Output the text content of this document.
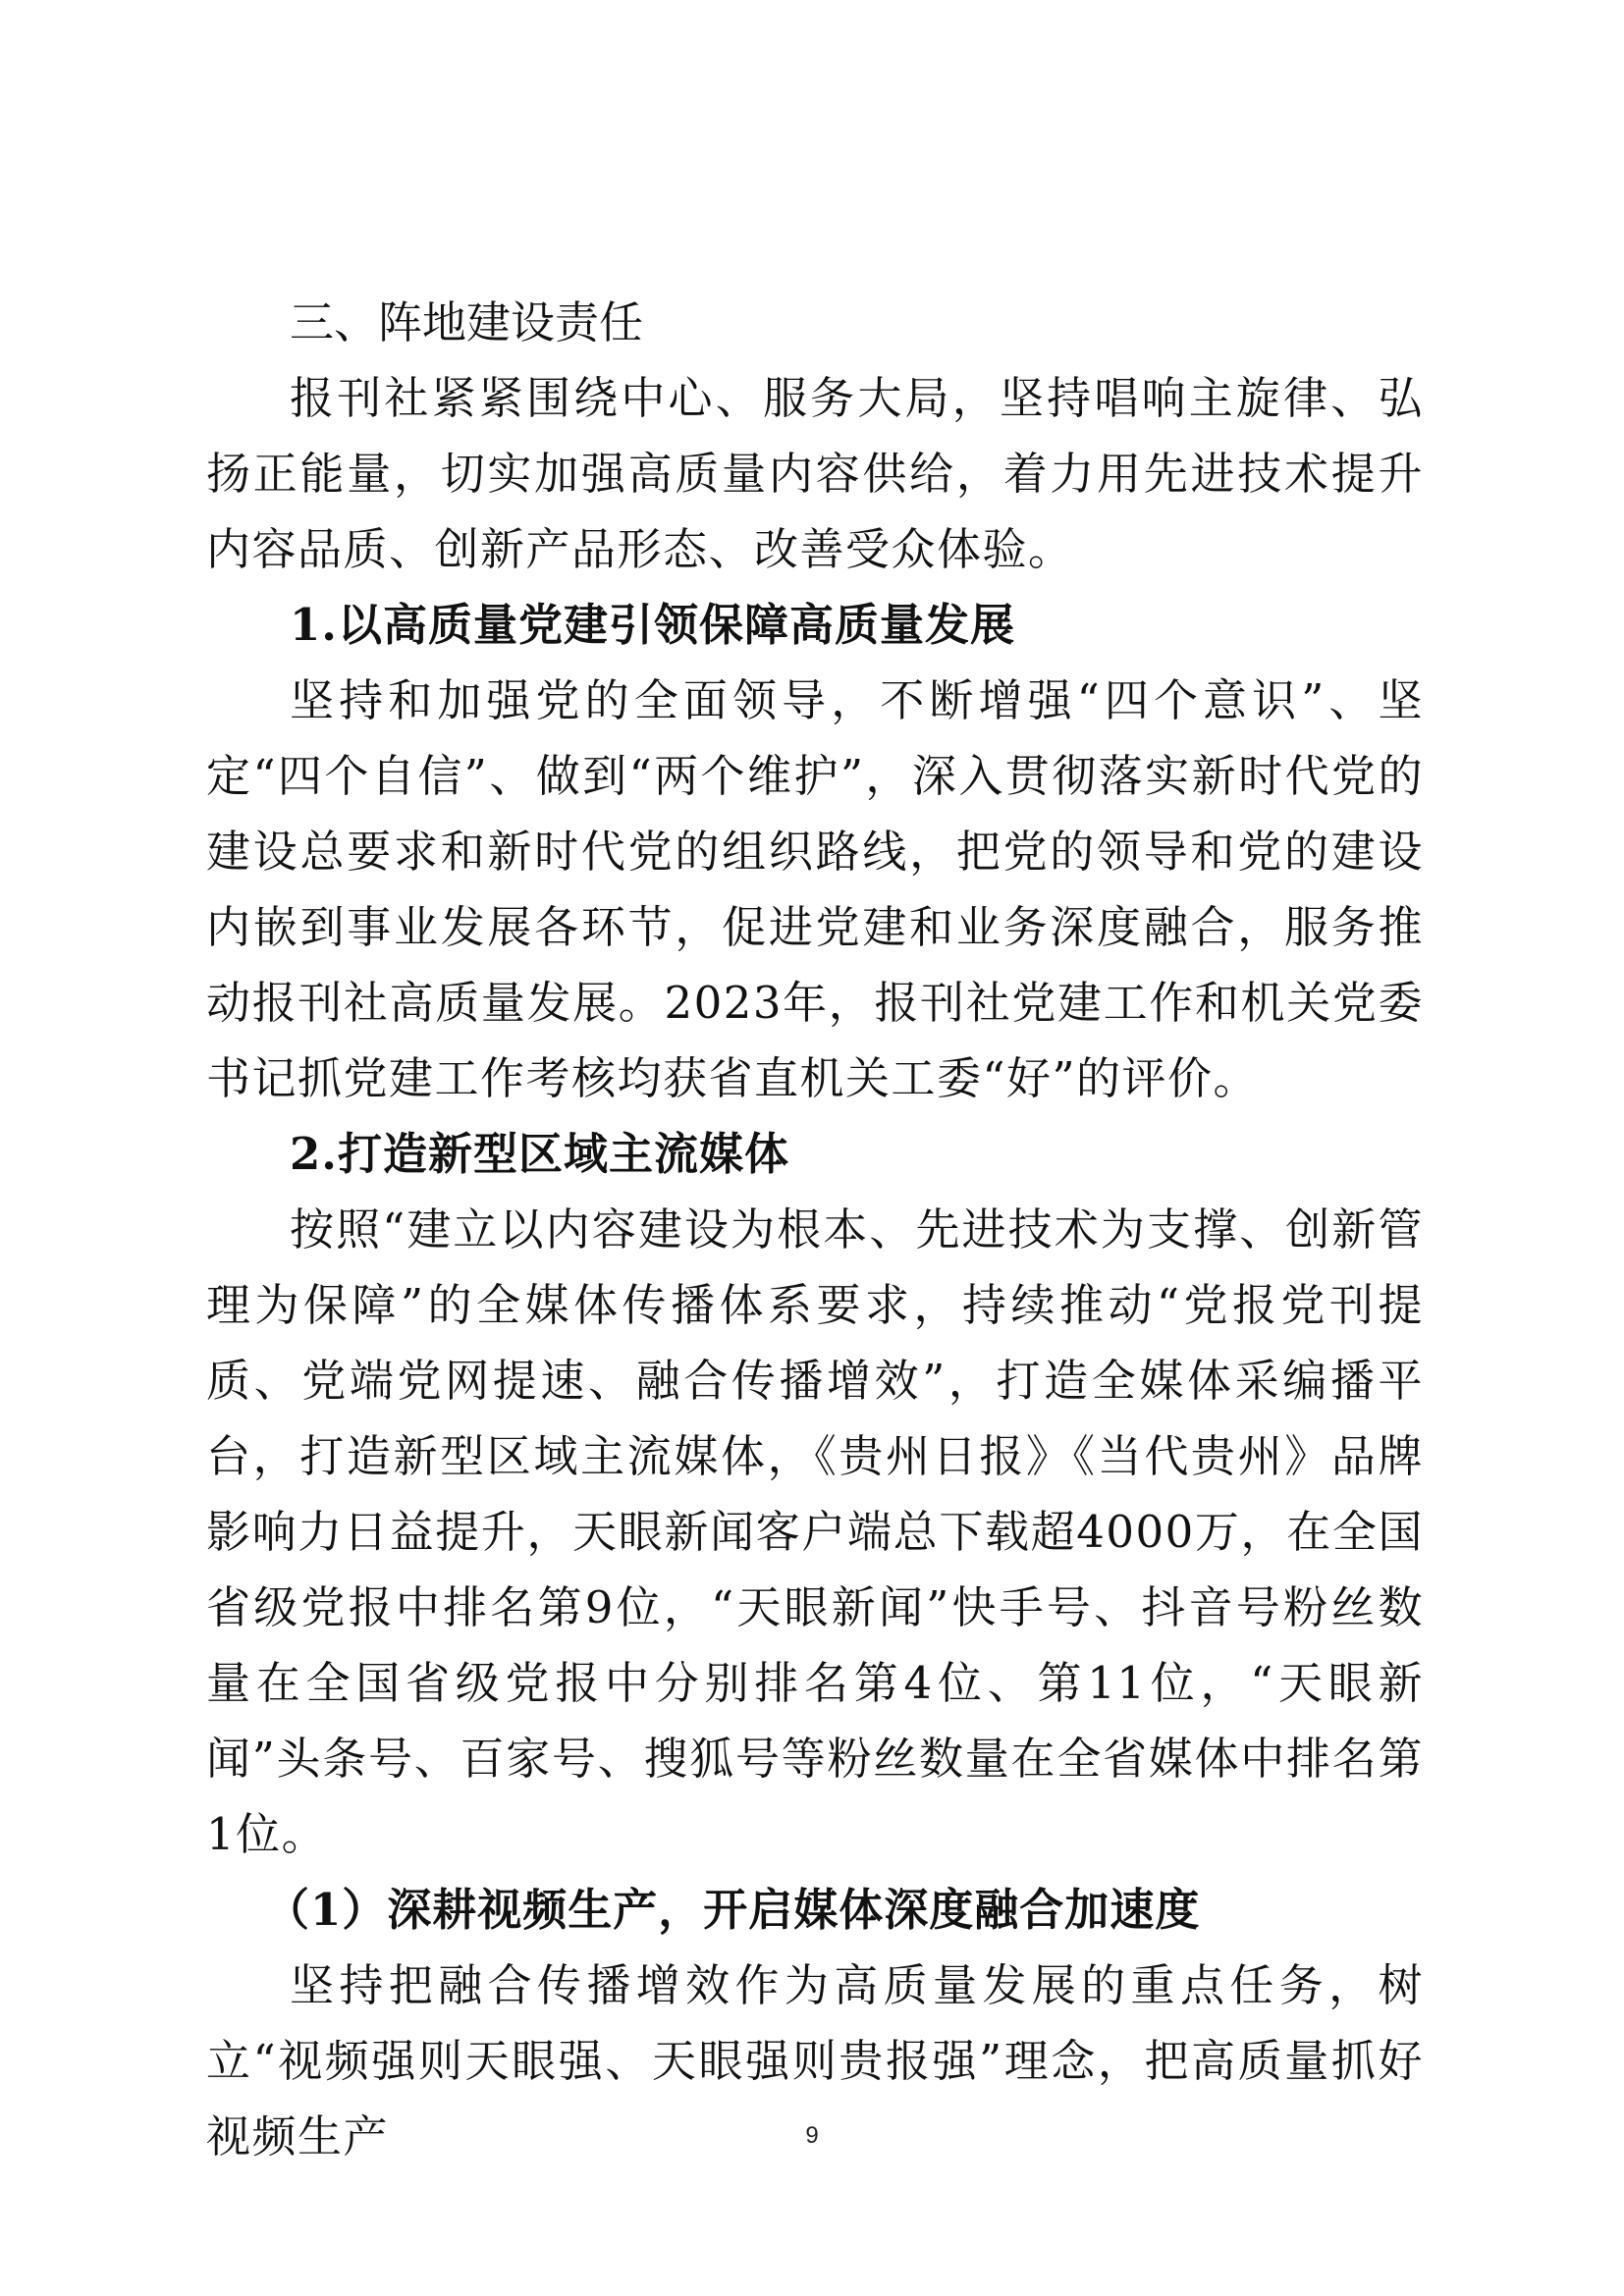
三、阵地建设责任

报刊社紧紧围绕中心、服务大局，坚持唱响主旋律、弘扬正能量，切实加强高质量内容供给，着力用先进技术提升内容品质、创新产品形态、改善受众体验。

1.以高质量党建引领保障高质量发展

坚持和加强党的全面领导，不断增强“四个意识”、坚定“四个自信”、做到“两个维护”，深入贯彻落实新时代党的建设总要求和新时代党的组织路线，把党的领导和党的建设内嵌到事业发展各环节，促进党建和业务深度融合，服务推动报刊社高质量发展。2023年，报刊社党建工作和机关党委书记抓党建工作考核均获省直机关工委“好”的评价。

2.打造新型区域主流媒体

按照“建立以内容建设为根本、先进技术为支撑、创新管理为保障”的全媒体传播体系要求，持续推动“党报党刊提质、党端党网提速、融合传播增效”，打造全媒体采编播平台，打造新型区域主流媒体，《贵州日报》《当代贵州》品牌影响力日益提升，天眼新闻客户端总下载超4000万，在全国省级党报中排名第9位，“天眼新闻”快手号、抖音号粉丝数量在全国省级党报中分别排名第4位、第11位，“天眼新闻”头条号、百家号、搜狐号等粉丝数量在全省媒体中排名第1位。

（1）深耕视频生产，开启媒体深度融合加速度

坚持把融合传播增效作为高质量发展的重点任务，树立“视频强则天眼强、天眼强则贵报强”理念，把高质量抓好视频生产	9
